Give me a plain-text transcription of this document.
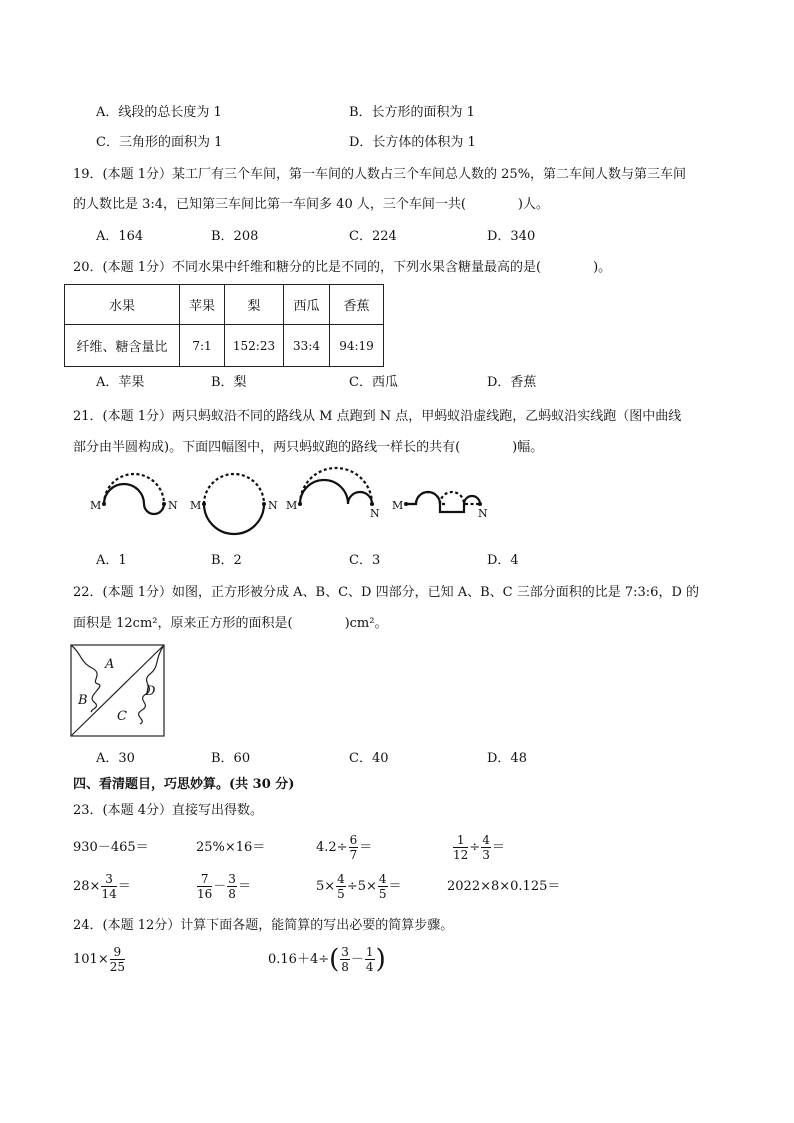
A．线段的总长度为 1	B．长方形的面积为 1
C．三角形的面积为 1	D．长方体的体积为 1
19．(本题 1分）某工厂有三个车间，第一车间的人数占三个车间总人数的 25%，第二车间人数与第三车间
的人数比是 3:4，已知第三车间比第一车间多 40 人，三个车间一共(　　　　)人。
A．164	B．208	C．224	D．340
20．(本题 1分）不同水果中纤维和糖分的比是不同的，下列水果含糖量最高的是(　　　　)。
水果	苹果	梨	西瓜	香蕉
纤维、糖含量比	7:1	152:23	33:4	94:19
A．苹果	B．梨	C．西瓜	D．香蕉
21．(本题 1分）两只蚂蚁沿不同的路线从 M 点跑到 N 点，甲蚂蚁沿虚线跑，乙蚂蚁沿实线跑（图中曲线
部分由半圆构成)。下面四幅图中，两只蚂蚁跑的路线一样长的共有(　　　　)幅。
M	N M	N M
N
M
N
A．1	B．2	C．3	D．4
22．(本题 1分）如图，正方形被分成 A、B、C、D 四部分，已知 A、B、C 三部分面积的比是 7:3:6，D 的
面积是 12cm²，原来正方形的面积是(　　　　)cm²。
A
B
C
D
A．30	B．60	C．40	D．48
四、看清题目，巧思妙算。(共 30 分)
23．(本题 4分）直接写出得数。
930－465＝	25%×16＝	$4.2\div \frac{6}{7}$ ＝	$\frac{1}{12} \div \frac{4}{3}$ ＝
$28\times \frac{3}{14}$ ＝	$\frac{7}{16} - \frac{3}{8}$ ＝	$5\times \frac{4}{5} \div 5\times \frac{4}{5}$ ＝	2022×8×0.125＝
24．(本题 12分）计算下面各题，能简算的写出必要的简算步骤。
$101\times \frac{9}{25}$	$0.16+4\div( \frac{3}{8} - \frac{1}{4}$ )
